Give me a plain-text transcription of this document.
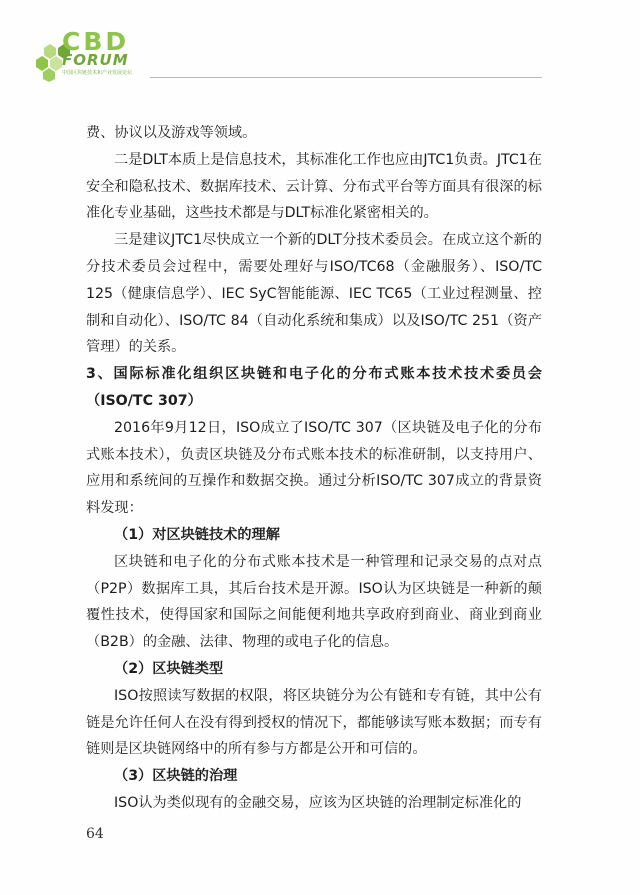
CBD
FORUM
中国区块链技术和产业发展论坛

费、协议以及游戏等领域。

二是DLT本质上是信息技术，其标准化工作也应由JTC1负责。JTC1在安全和隐私技术、数据库技术、云计算、分布式平台等方面具有很深的标准化专业基础，这些技术都是与DLT标准化紧密相关的。

三是建议JTC1尽快成立一个新的DLT分技术委员会。在成立这个新的分技术委员会过程中，需要处理好与ISO/TC68（金融服务）、ISO/TC 125（健康信息学）、IEC SyC智能能源、IEC TC65（工业过程测量、控制和自动化）、ISO/TC 84（自动化系统和集成）以及ISO/TC 251（资产管理）的关系。

3、国际标准化组织区块链和电子化的分布式账本技术技术委员会（ISO/TC 307）

2016年9月12日，ISO成立了ISO/TC 307（区块链及电子化的分布式账本技术），负责区块链及分布式账本技术的标准研制，以支持用户、应用和系统间的互操作和数据交换。通过分析ISO/TC 307成立的背景资料发现：

（1）对区块链技术的理解

区块链和电子化的分布式账本技术是一种管理和记录交易的点对点（P2P）数据库工具，其后台技术是开源。ISO认为区块链是一种新的颠覆性技术，使得国家和国际之间能便利地共享政府到商业、商业到商业（B2B）的金融、法律、物理的或电子化的信息。

（2）区块链类型

ISO按照读写数据的权限，将区块链分为公有链和专有链，其中公有链是允许任何人在没有得到授权的情况下，都能够读写账本数据；而专有链则是区块链网络中的所有参与方都是公开和可信的。

（3）区块链的治理

ISO认为类似现有的金融交易，应该为区块链的治理制定标准化的

64
